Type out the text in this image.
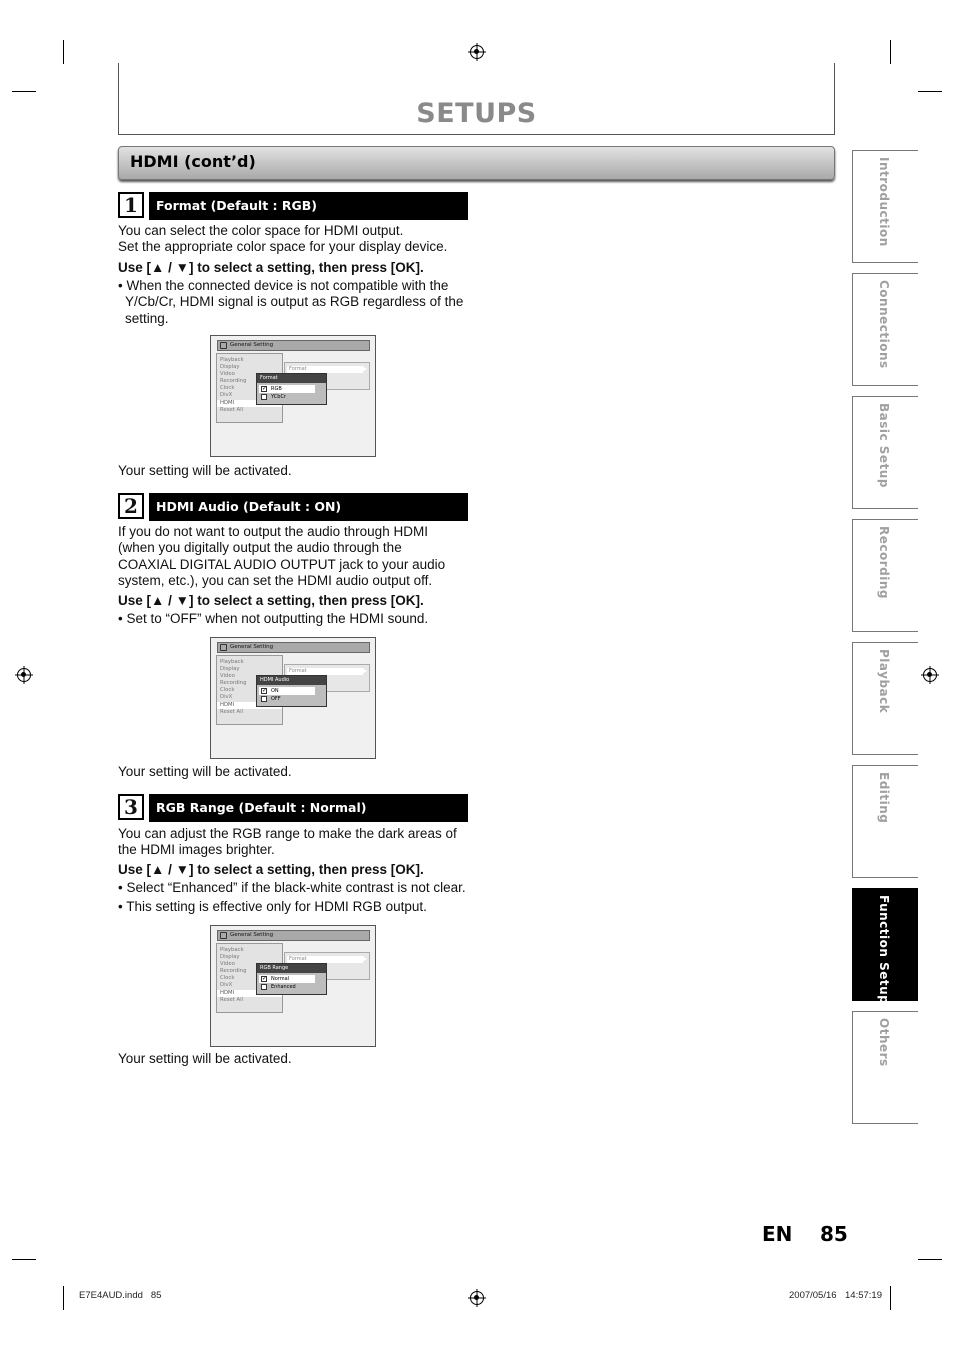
SETUPS
HDMI (cont’d)
1	Format (Default : RGB)
You can select the color space for HDMI output.
Set the appropriate color space for your display device.
Use [▲ / ▼] to select a setting, then press [OK].
• When the connected device is not compatible with the
Y/Cb/Cr, HDMI signal is output as RGB regardless of the
setting.
General Setting
Playback
Display
Video
Recording
Clock
DivX
HDMI
Reset All
Format
Format
✓ RGB
YCbCr
Your setting will be activated.
2	HDMI Audio (Default : ON)
If you do not want to output the audio through HDMI
(when you digitally output the audio through the
COAXIAL DIGITAL AUDIO OUTPUT jack to your audio
system, etc.), you can set the HDMI audio output off.
Use [▲ / ▼] to select a setting, then press [OK].
• Set to “OFF” when not outputting the HDMI sound.
General Setting
Playback
Display
Video
Recording
Clock
DivX
HDMI
Reset All
Format
HDMI Audio
✓ ON
OFF
Your setting will be activated.
3	RGB Range (Default : Normal)
You can adjust the RGB range to make the dark areas of
the HDMI images brighter.
Use [▲ / ▼] to select a setting, then press [OK].
• Select “Enhanced” if the black-white contrast is not clear.
• This setting is effective only for HDMI RGB output.
General Setting
Playback
Display
Video
Recording
Clock
DivX
HDMI
Reset All
Format
RGB Range
✓ Normal
Enhanced
Your setting will be activated.
Introduction
Connections
Basic Setup
Recording
Playback
Editing
Function Setup
Others
EN 85
E7E4AUD.indd   85	2007/05/16 14:57:19
